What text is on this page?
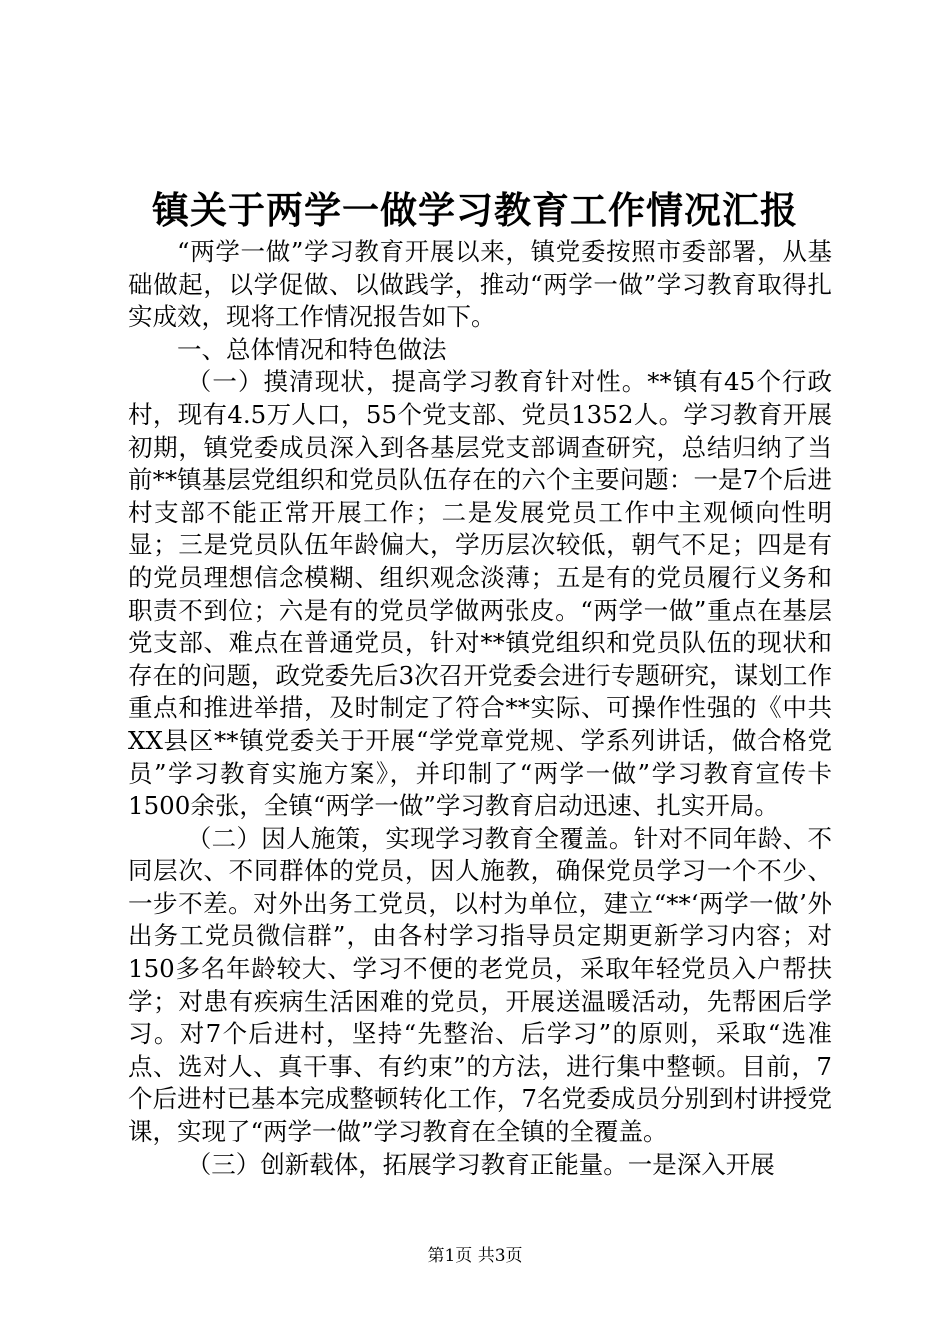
镇关于两学一做学习教育工作情况汇报

“两学一做”学习教育开展以来，镇党委按照市委部署，从基础做起，以学促做、以做践学，推动“两学一做”学习教育取得扎实成效，现将工作情况报告如下。

一、总体情况和特色做法

（一）摸清现状，提高学习教育针对性。**镇有45个行政村，现有4.5万人口，55个党支部、党员1352人。学习教育开展初期，镇党委成员深入到各基层党支部调查研究，总结归纳了当前**镇基层党组织和党员队伍存在的六个主要问题：一是7个后进村支部不能正常开展工作；二是发展党员工作中主观倾向性明显；三是党员队伍年龄偏大，学历层次较低，朝气不足；四是有的党员理想信念模糊、组织观念淡薄；五是有的党员履行义务和职责不到位；六是有的党员学做两张皮。“两学一做”重点在基层党支部、难点在普通党员，针对**镇党组织和党员队伍的现状和存在的问题，政党委先后3次召开党委会进行专题研究，谋划工作重点和推进举措，及时制定了符合**实际、可操作性强的《中共XX县区**镇党委关于开展“学党章党规、学系列讲话，做合格党员”学习教育实施方案》，并印制了“两学一做”学习教育宣传卡1500余张，全镇“两学一做”学习教育启动迅速、扎实开局。

（二）因人施策，实现学习教育全覆盖。针对不同年龄、不同层次、不同群体的党员，因人施教，确保党员学习一个不少、一步不差。对外出务工党员，以村为单位，建立“**‘两学一做’外出务工党员微信群”，由各村学习指导员定期更新学习内容；对150多名年龄较大、学习不便的老党员，采取年轻党员入户帮扶学；对患有疾病生活困难的党员，开展送温暖活动，先帮困后学习。对7个后进村，坚持“先整治、后学习”的原则，采取“选准点、选对人、真干事、有约束”的方法，进行集中整顿。目前，7个后进村已基本完成整顿转化工作，7名党委成员分别到村讲授党课，实现了“两学一做”学习教育在全镇的全覆盖。

（三）创新载体，拓展学习教育正能量。一是深入开展

第1页 共3页
